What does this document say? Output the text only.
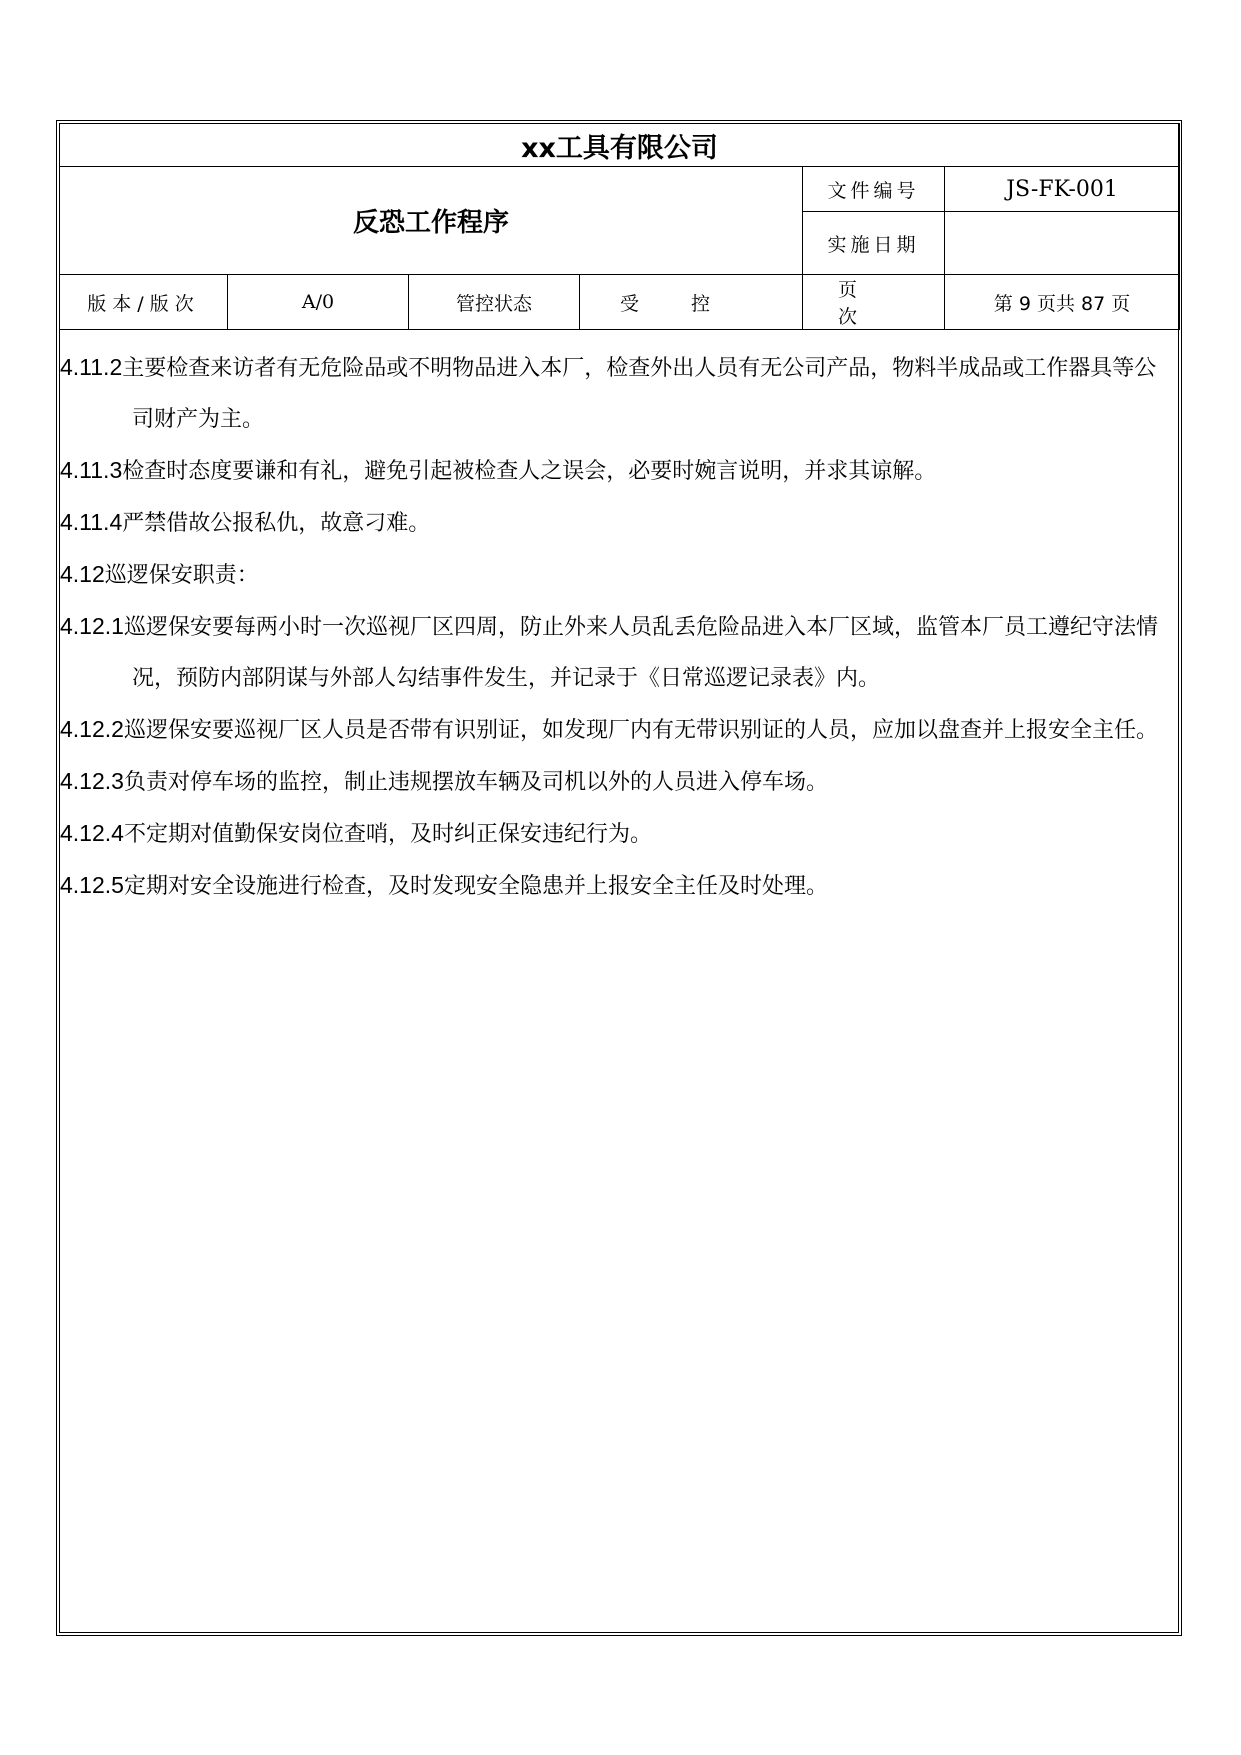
xx工具有限公司					
反恐工作程序				文件编号	JS-FK-001
				实施日期	
版本/版次	A/0	管控状态	受控	页次	第 9 页共 87 页

4.11.2主要检查来访者有无危险品或不明物品进入本厂，检查外出人员有无公司产品，物料半成品或工作器具等公司财产为主。

4.11.3检查时态度要谦和有礼，避免引起被检查人之误会，必要时婉言说明，并求其谅解。

4.11.4严禁借故公报私仇，故意刁难。

4.12巡逻保安职责：

4.12.1巡逻保安要每两小时一次巡视厂区四周，防止外来人员乱丢危险品进入本厂区域，监管本厂员工遵纪守法情况，预防内部阴谋与外部人勾结事件发生，并记录于《日常巡逻记录表》内。

4.12.2巡逻保安要巡视厂区人员是否带有识别证，如发现厂内有无带识别证的人员，应加以盘查并上报安全主任。

4.12.3负责对停车场的监控，制止违规摆放车辆及司机以外的人员进入停车场。

4.12.4不定期对值勤保安岗位查哨，及时纠正保安违纪行为。

4.12.5定期对安全设施进行检查，及时发现安全隐患并上报安全主任及时处理。
